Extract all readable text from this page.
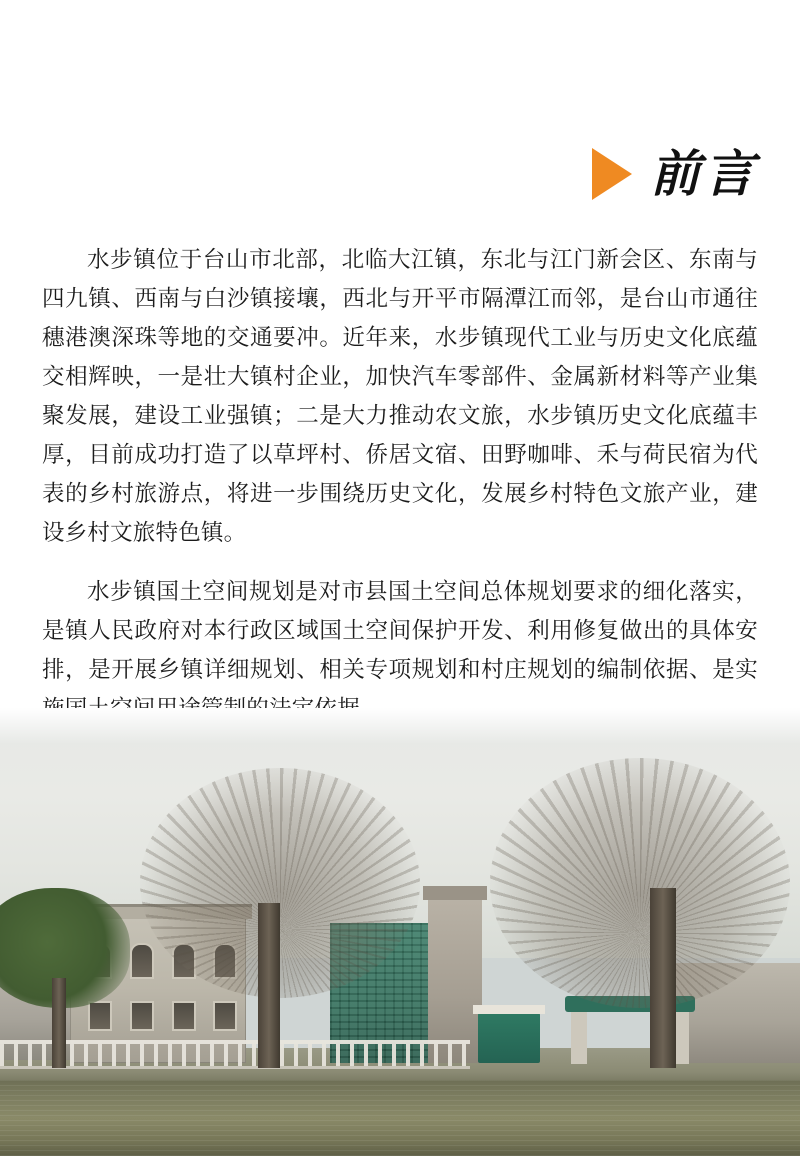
前言

水步镇位于台山市北部，北临大江镇，东北与江门新会区、东南与四九镇、西南与白沙镇接壤，西北与开平市隔潭江而邻，是台山市通往穗港澳深珠等地的交通要冲。近年来，水步镇现代工业与历史文化底蕴交相辉映，一是壮大镇村企业，加快汽车零部件、金属新材料等产业集聚发展，建设工业强镇；二是大力推动农文旅，水步镇历史文化底蕴丰厚，目前成功打造了以草坪村、侨居文宿、田野咖啡、禾与荷民宿为代表的乡村旅游点，将进一步围绕历史文化，发展乡村特色文旅产业，建设乡村文旅特色镇。

水步镇国土空间规划是对市县国土空间总体规划要求的细化落实，是镇人民政府对本行政区域国土空间保护开发、利用修复做出的具体安排，是开展乡镇详细规划、相关专项规划和村庄规划的编制依据、是实
